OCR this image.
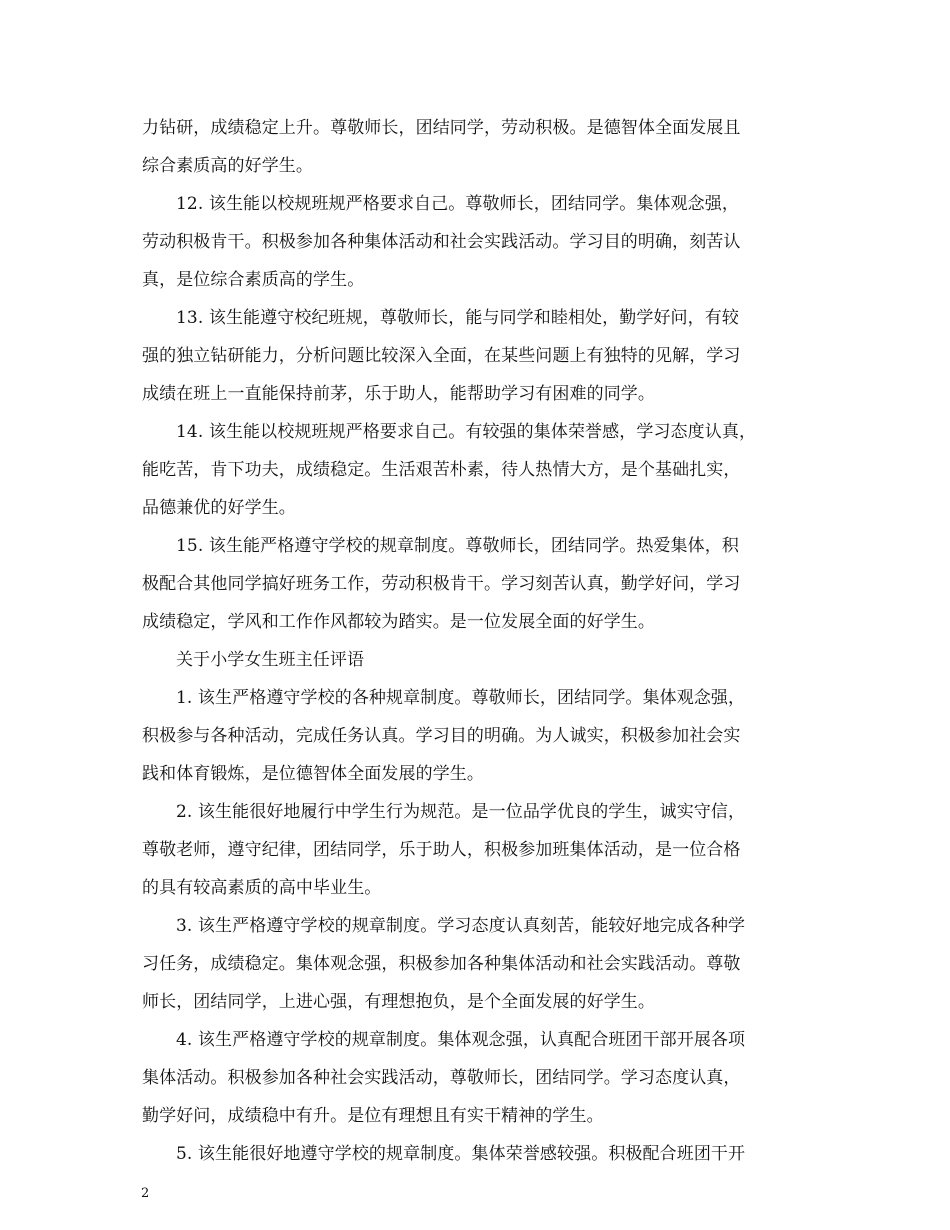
力钻研，成绩稳定上升。尊敬师长，团结同学，劳动积极。是德智体全面发展且
综合素质高的好学生。
12. 该生能以校规班规严格要求自己。尊敬师长，团结同学。集体观念强，
劳动积极肯干。积极参加各种集体活动和社会实践活动。学习目的明确，刻苦认
真，是位综合素质高的学生。
13. 该生能遵守校纪班规，尊敬师长，能与同学和睦相处，勤学好问，有较
强的独立钻研能力，分析问题比较深入全面，在某些问题上有独特的见解，学习
成绩在班上一直能保持前茅，乐于助人，能帮助学习有困难的同学。
14. 该生能以校规班规严格要求自己。有较强的集体荣誉感，学习态度认真，
能吃苦，肯下功夫，成绩稳定。生活艰苦朴素，待人热情大方，是个基础扎实，
品德兼优的好学生。
15. 该生能严格遵守学校的规章制度。尊敬师长，团结同学。热爱集体，积
极配合其他同学搞好班务工作，劳动积极肯干。学习刻苦认真，勤学好问，学习
成绩稳定，学风和工作作风都较为踏实。是一位发展全面的好学生。
关于小学女生班主任评语
1. 该生严格遵守学校的各种规章制度。尊敬师长，团结同学。集体观念强，
积极参与各种活动，完成任务认真。学习目的明确。为人诚实，积极参加社会实
践和体育锻炼，是位德智体全面发展的学生。
2. 该生能很好地履行中学生行为规范。是一位品学优良的学生，诚实守信，
尊敬老师，遵守纪律，团结同学，乐于助人，积极参加班集体活动，是一位合格
的具有较高素质的高中毕业生。
3. 该生严格遵守学校的规章制度。学习态度认真刻苦，能较好地完成各种学
习任务，成绩稳定。集体观念强，积极参加各种集体活动和社会实践活动。尊敬
师长，团结同学，上进心强，有理想抱负，是个全面发展的好学生。
4. 该生严格遵守学校的规章制度。集体观念强，认真配合班团干部开展各项
集体活动。积极参加各种社会实践活动，尊敬师长，团结同学。学习态度认真，
勤学好问，成绩稳中有升。是位有理想且有实干精神的学生。
5. 该生能很好地遵守学校的规章制度。集体荣誉感较强。积极配合班团干开
2
